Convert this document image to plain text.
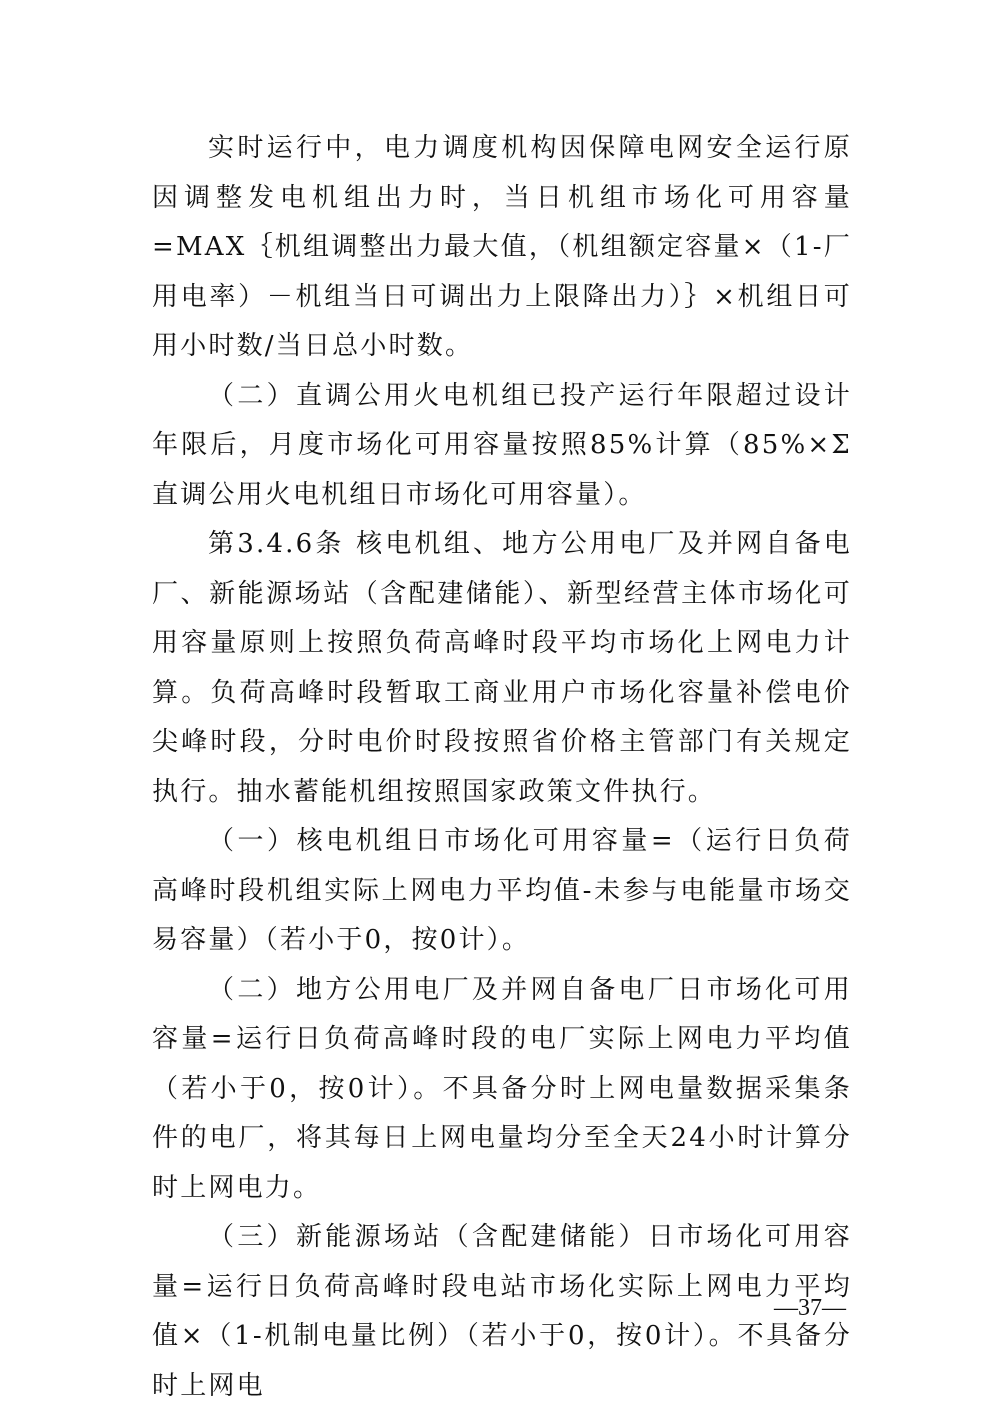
实时运行中，电力调度机构因保障电网安全运行原因调整发电机组出力时，当日机组市场化可用容量=MAX｛机组调整出力最大值，（机组额定容量×（1-厂用电率）－机组当日可调出力上限降出力）｝×机组日可用小时数/当日总小时数。

（二）直调公用火电机组已投产运行年限超过设计年限后，月度市场化可用容量按照85%计算（85%×Σ直调公用火电机组日市场化可用容量）。

第3.4.6条 核电机组、地方公用电厂及并网自备电厂、新能源场站（含配建储能）、新型经营主体市场化可用容量原则上按照负荷高峰时段平均市场化上网电力计算。负荷高峰时段暂取工商业用户市场化容量补偿电价尖峰时段，分时电价时段按照省价格主管部门有关规定执行。抽水蓄能机组按照国家政策文件执行。

（一）核电机组日市场化可用容量=（运行日负荷高峰时段机组实际上网电力平均值-未参与电能量市场交易容量）（若小于0，按0计）。

（二）地方公用电厂及并网自备电厂日市场化可用容量=运行日负荷高峰时段的电厂实际上网电力平均值（若小于0，按0计）。不具备分时上网电量数据采集条件的电厂，将其每日上网电量均分至全天24小时计算分时上网电力。

（三）新能源场站（含配建储能）日市场化可用容量=运行日负荷高峰时段电站市场化实际上网电力平均值×（1-机制电量比例）（若小于0，按0计）。不具备分时上网电

—37—
